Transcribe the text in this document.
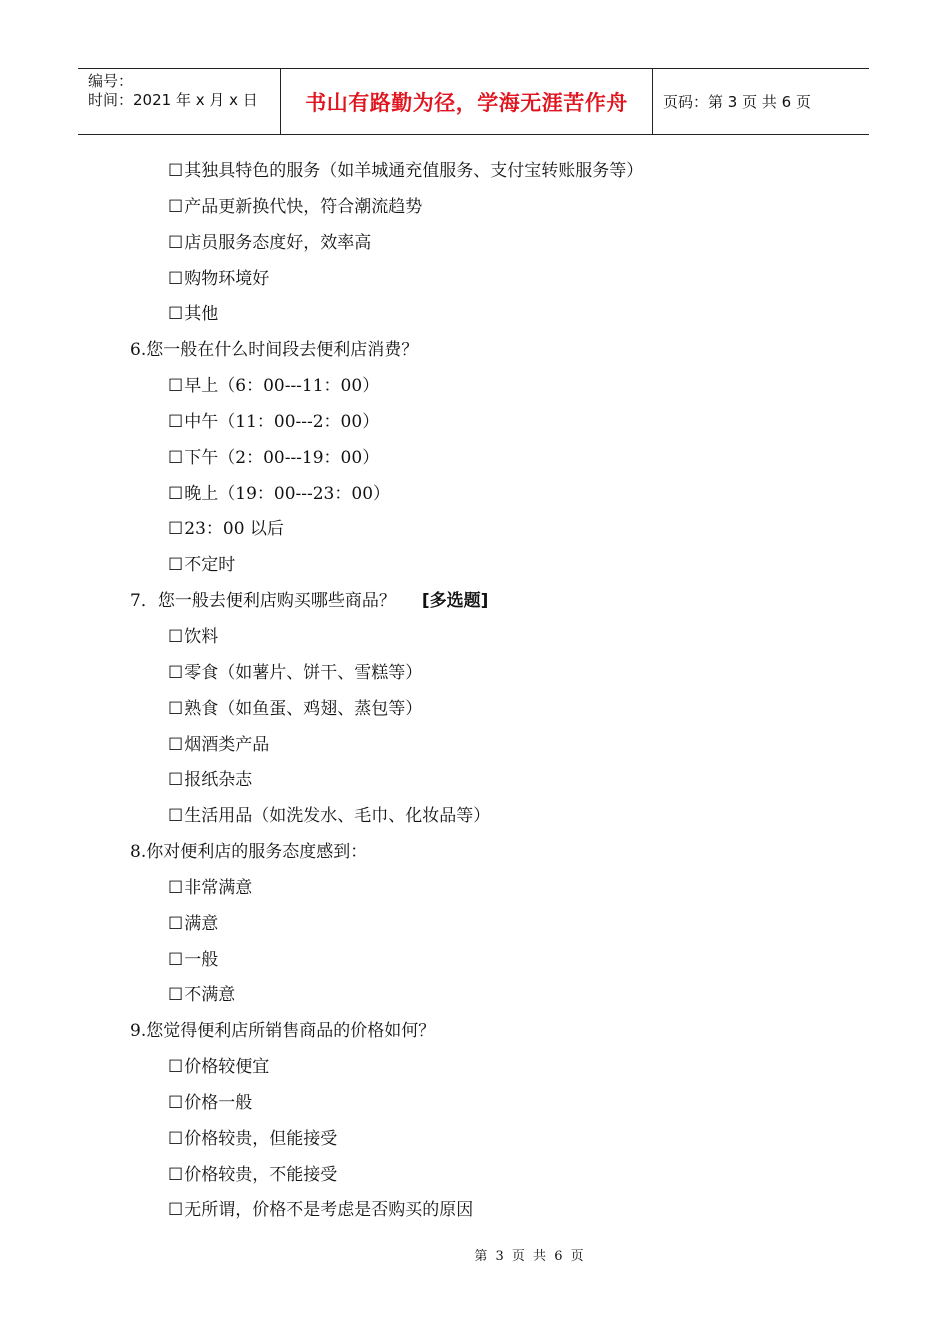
编号：
时间：2021 年 x 月 x 日	书山有路勤为径，学海无涯苦作舟	页码：第 3 页 共 6 页
☐其独具特色的服务（如羊城通充值服务、支付宝转账服务等）
☐产品更新换代快，符合潮流趋势
☐店员服务态度好，效率高
☐购物环境好
☐其他
6.您一般在什么时间段去便利店消费？
☐早上（6：00---11：00）
☐中午（11：00---2：00）
☐下午（2：00---19：00）
☐晚上（19：00---23：00）
☐23：00 以后
☐不定时
7．您一般去便利店购买哪些商品？ [多选题]
☐饮料
☐零食（如薯片、饼干、雪糕等）
☐熟食（如鱼蛋、鸡翅、蒸包等）
☐烟酒类产品
☐报纸杂志
☐生活用品（如洗发水、毛巾、化妆品等）
8.你对便利店的服务态度感到：
☐非常满意
☐满意
☐一般
☐不满意
9.您觉得便利店所销售商品的价格如何？
☐价格较便宜
☐价格一般
☐价格较贵，但能接受
☐价格较贵，不能接受
☐无所谓，价格不是考虑是否购买的原因
第 3 页 共 6 页
